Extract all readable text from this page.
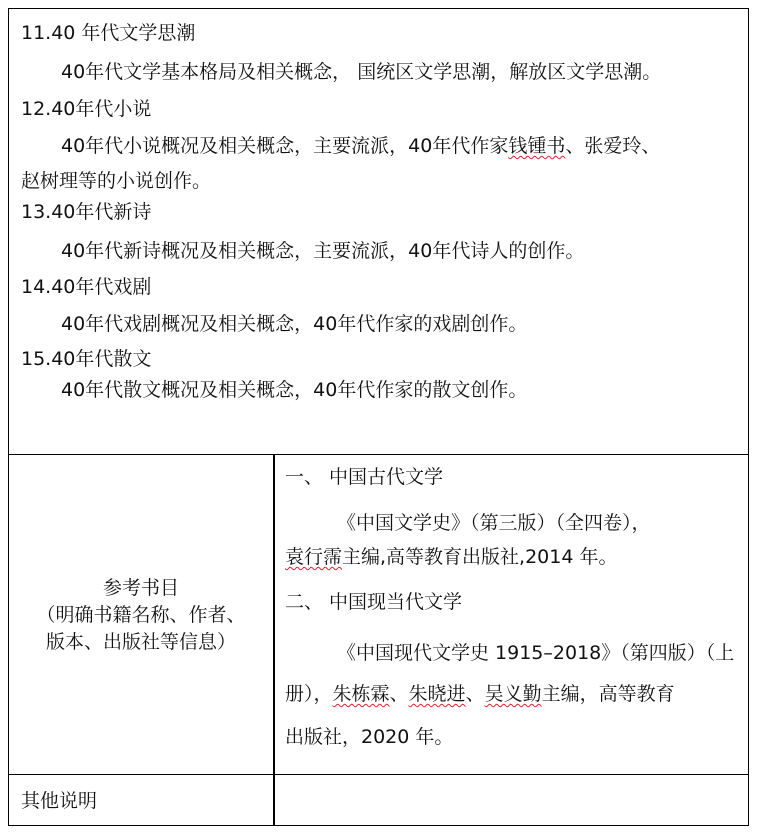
11.40 年代文学思潮
40年代文学基本格局及相关概念， 国统区文学思潮，解放区文学思潮。
12.40年代小说
40年代小说概况及相关概念，主要流派，40年代作家钱锺书、张爱玲、
赵树理等的小说创作。
13.40年代新诗
40年代新诗概况及相关概念，主要流派，40年代诗人的创作。
14.40年代戏剧
40年代戏剧概况及相关概念，40年代作家的戏剧创作。
15.40年代散文
40年代散文概况及相关概念，40年代作家的散文创作。
参考书目
（明确书籍名称、作者、
版本、出版社等信息）
一、 中国古代文学
《中国文学史》（第三版）（全四卷），
袁行霈主编,高等教育出版社,2014 年。
二、 中国现当代文学
《中国现代文学史 1915–2018》（第四版）（上
册），朱栋霖、朱晓进、吴义勤主编，高等教育
出版社，2020 年。
其他说明
